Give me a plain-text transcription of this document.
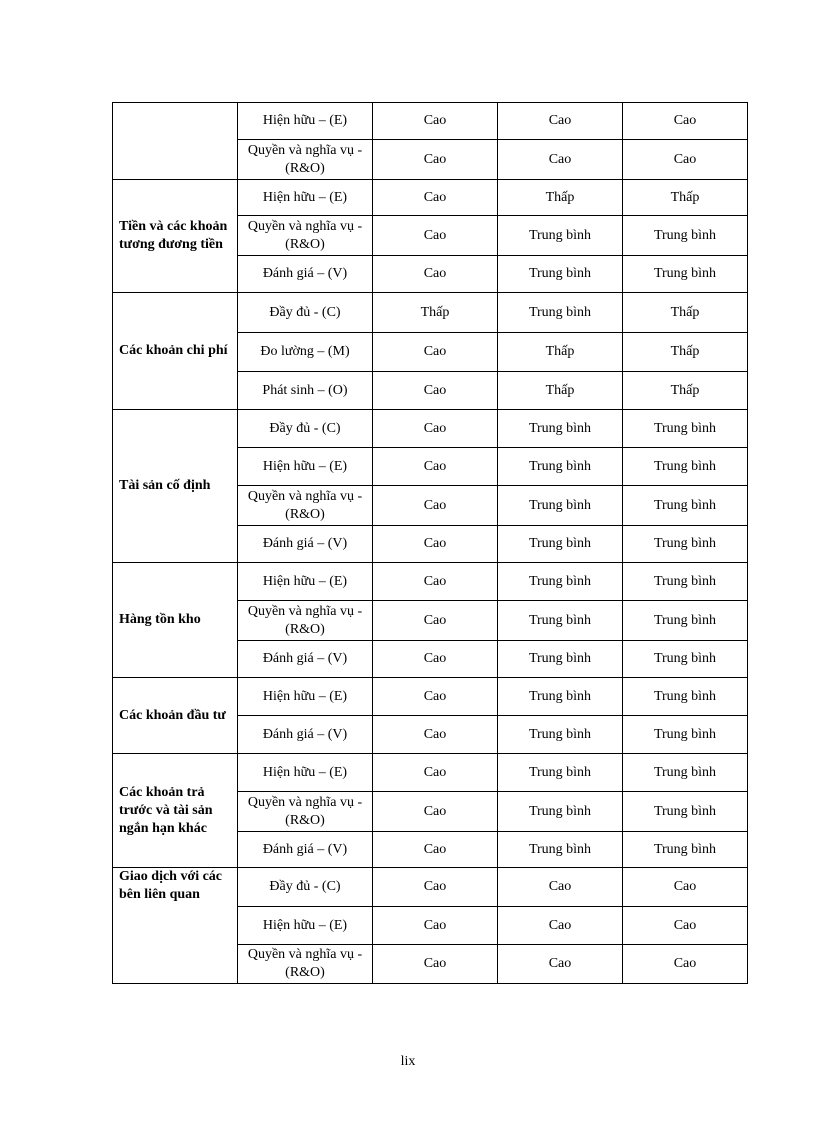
	Hiện hữu – (E)	Cao	Cao	Cao
	Quyền và nghĩa vụ - (R&O)	Cao	Cao	Cao
Tiền và các khoản tương đương tiền	Hiện hữu – (E)	Cao	Thấp	Thấp
	Quyền và nghĩa vụ - (R&O)	Cao	Trung bình	Trung bình
	Đánh giá – (V)	Cao	Trung bình	Trung bình
Các khoản chi phí	Đầy đủ - (C)	Thấp	Trung bình	Thấp
	Đo lường – (M)	Cao	Thấp	Thấp
	Phát sinh – (O)	Cao	Thấp	Thấp
Tài sản cố định	Đầy đủ - (C)	Cao	Trung bình	Trung bình
	Hiện hữu – (E)	Cao	Trung bình	Trung bình
	Quyền và nghĩa vụ - (R&O)	Cao	Trung bình	Trung bình
	Đánh giá – (V)	Cao	Trung bình	Trung bình
Hàng tồn kho	Hiện hữu – (E)	Cao	Trung bình	Trung bình
	Quyền và nghĩa vụ - (R&O)	Cao	Trung bình	Trung bình
	Đánh giá – (V)	Cao	Trung bình	Trung bình
Các khoản đầu tư	Hiện hữu – (E)	Cao	Trung bình	Trung bình
	Đánh giá – (V)	Cao	Trung bình	Trung bình
Các khoản trả trước và tài sản ngắn hạn khác	Hiện hữu – (E)	Cao	Trung bình	Trung bình
	Quyền và nghĩa vụ - (R&O)	Cao	Trung bình	Trung bình
	Đánh giá – (V)	Cao	Trung bình	Trung bình
Giao dịch với các bên liên quan	Đầy đủ - (C)	Cao	Cao	Cao
	Hiện hữu – (E)	Cao	Cao	Cao
	Quyền và nghĩa vụ - (R&O)	Cao	Cao	Cao
lix
